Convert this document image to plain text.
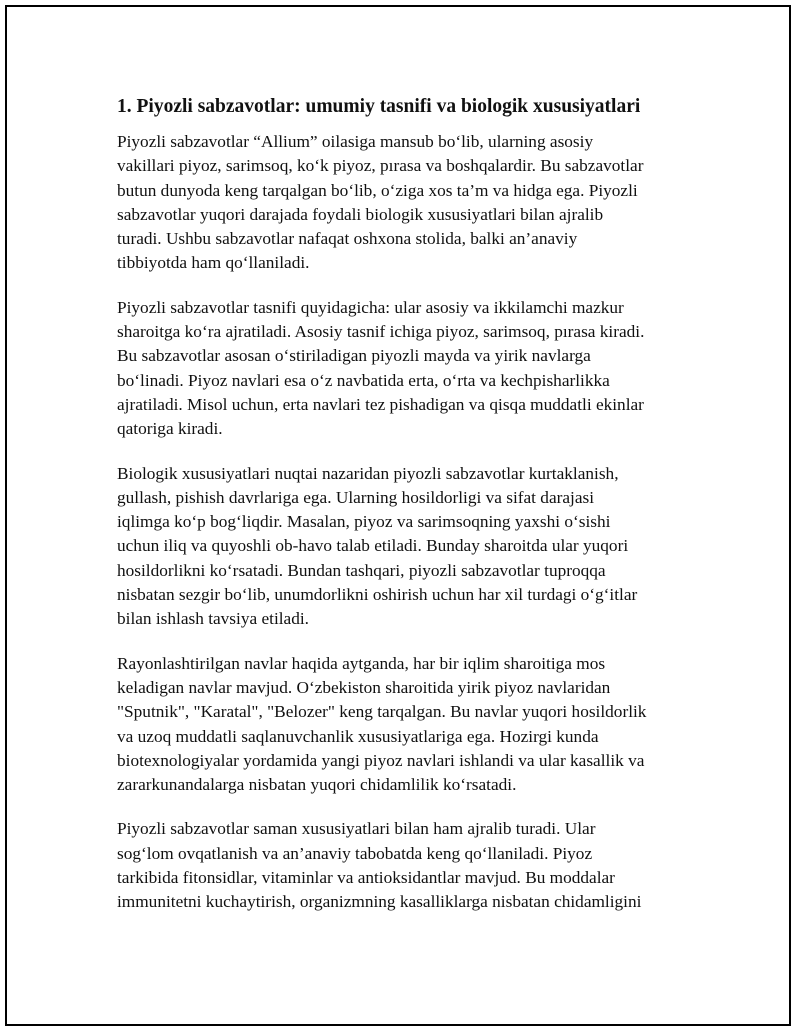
1. Piyozli sabzavotlar: umumiy tasnifi va biologik xususiyatlari

Piyozli sabzavotlar “Allium” oilasiga mansub bo‘lib, ularning asosiy
vakillari piyoz, sarimsoq, ko‘k piyoz, pırasa va boshqalardir. Bu sabzavotlar
butun dunyoda keng tarqalgan bo‘lib, o‘ziga xos ta’m va hidga ega. Piyozli
sabzavotlar yuqori darajada foydali biologik xususiyatlari bilan ajralib
turadi. Ushbu sabzavotlar nafaqat oshxona stolida, balki an’anaviy
tibbiyotda ham qo‘llaniladi.

Piyozli sabzavotlar tasnifi quyidagicha: ular asosiy va ikkilamchi mazkur
sharoitga ko‘ra ajratiladi. Asosiy tasnif ichiga piyoz, sarimsoq, pırasa kiradi.
Bu sabzavotlar asosan o‘stiriladigan piyozli mayda va yirik navlarga
bo‘linadi. Piyoz navlari esa o‘z navbatida erta, o‘rta va kechpisharlikka
ajratiladi. Misol uchun, erta navlari tez pishadigan va qisqa muddatli ekinlar
qatoriga kiradi.

Biologik xususiyatlari nuqtai nazaridan piyozli sabzavotlar kurtaklanish,
gullash, pishish davrlariga ega. Ularning hosildorligi va sifat darajasi
iqlimga ko‘p bog‘liqdir. Masalan, piyoz va sarimsoqning yaxshi o‘sishi
uchun iliq va quyoshli ob-havo talab etiladi. Bunday sharoitda ular yuqori
hosildorlikni ko‘rsatadi. Bundan tashqari, piyozli sabzavotlar tuproqqa
nisbatan sezgir bo‘lib, unumdorlikni oshirish uchun har xil turdagi o‘g‘itlar
bilan ishlash tavsiya etiladi.

Rayonlashtirilgan navlar haqida aytganda, har bir iqlim sharoitiga mos
keladigan navlar mavjud. O‘zbekiston sharoitida yirik piyoz navlaridan
"Sputnik", "Karatal", "Belozer" keng tarqalgan. Bu navlar yuqori hosildorlik
va uzoq muddatli saqlanuvchanlik xususiyatlariga ega. Hozirgi kunda
biotexnologiyalar yordamida yangi piyoz navlari ishlandi va ular kasallik va
zararkunandalarga nisbatan yuqori chidamlilik ko‘rsatadi.

Piyozli sabzavotlar saman xususiyatlari bilan ham ajralib turadi. Ular
sog‘lom ovqatlanish va an’anaviy tabobatda keng qo‘llaniladi. Piyoz
tarkibida fitonsidlar, vitaminlar va antioksidantlar mavjud. Bu moddalar
immunitetni kuchaytirish, organizmning kasalliklarga nisbatan chidamligini
